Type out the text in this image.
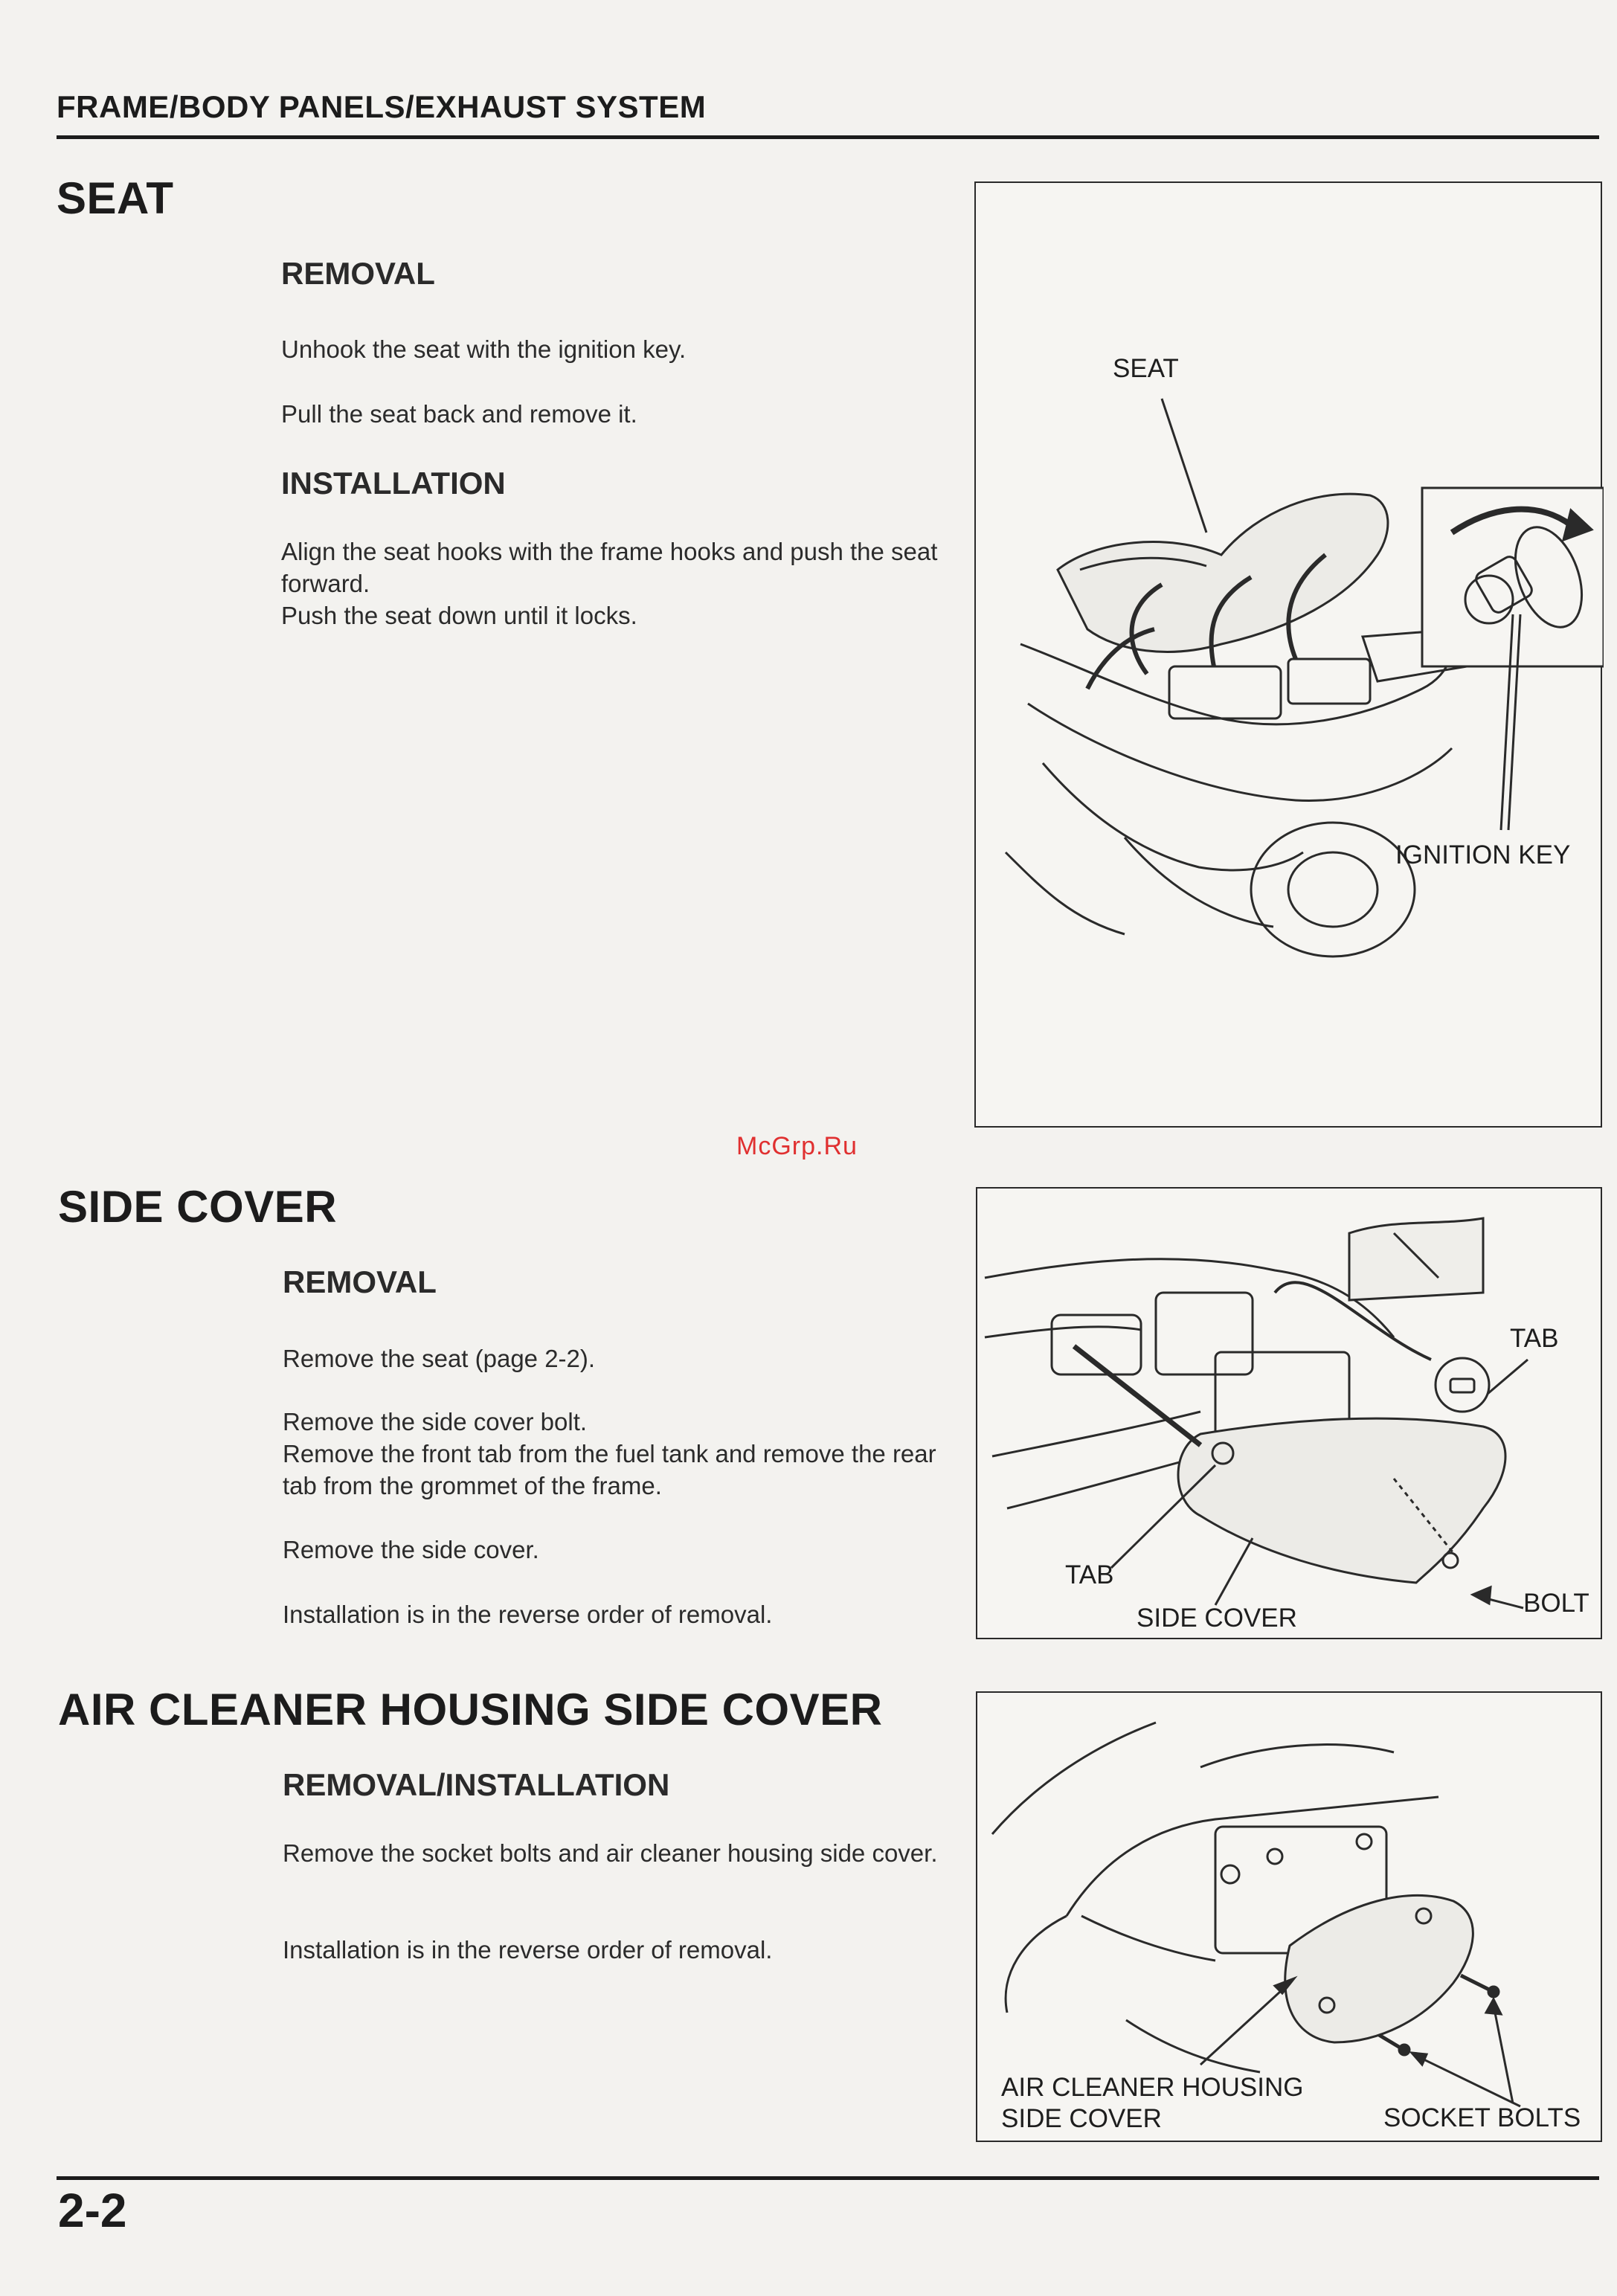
FRAME/BODY PANELS/EXHAUST SYSTEM
SEAT
REMOVAL
Unhook the seat with the ignition key.
Pull the seat back and remove it.
INSTALLATION
Align the seat hooks with the frame hooks and push the seat forward.
Push the seat down until it locks.
SEAT
IGNITION KEY
McGrp.Ru
SIDE COVER
REMOVAL
Remove the seat (page 2-2).
Remove the side cover bolt.
Remove the front tab from the fuel tank and remove the rear tab from the grommet of the frame.
Remove the side cover.
Installation is in the reverse order of removal.
TAB
TAB
SIDE COVER
BOLT
AIR CLEANER HOUSING SIDE COVER
REMOVAL/INSTALLATION
Remove the socket bolts and air cleaner housing side cover.
Installation is in the reverse order of removal.
AIR CLEANER HOUSING
SIDE COVER	SOCKET BOLTS
2-2
